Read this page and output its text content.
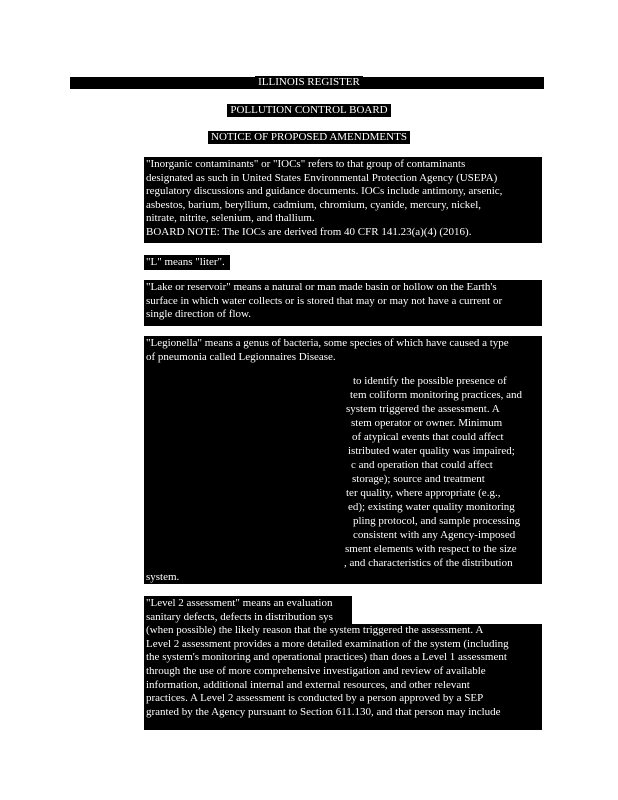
ILLINOIS REGISTER
POLLUTION CONTROL BOARD
NOTICE OF PROPOSED AMENDMENTS

"Inorganic contaminants" or "IOCs" refers to that group of contaminants

designated as such in United States Environmental Protection Agency (USEPA)

regulatory discussions and guidance documents. IOCs include antimony, arsenic,

asbestos, barium, beryllium, cadmium, chromium, cyanide, mercury, nickel,

nitrate, nitrite, selenium, and thallium.

BOARD NOTE: The IOCs are derived from 40 CFR 141.23(a)(4) (2016).

"L" means "liter".

"Lake or reservoir" means a natural or man made basin or hollow on the Earth's

surface in which water collects or is stored that may or may not have a current or

single direction of flow.

"Legionella" means a genus of bacteria, some species of which have caused a type

of pneumonia called Legionnaires Disease.

to identify the possible presence of
tem coliform monitoring practices, and
system triggered the assessment. A
stem operator or owner. Minimum
of atypical events that could affect
istributed water quality was impaired;
c and operation that could affect
storage); source and treatment
ter quality, where appropriate (e.g.,
ed); existing water quality monitoring
pling protocol, and sample processing
consistent with any Agency-imposed
sment elements with respect to the size
, and characteristics of the distribution
system.

"Level 2 assessment" means an evaluation

sanitary defects, defects in distribution sys

(when possible) the likely reason that the system triggered the assessment. A

Level 2 assessment provides a more detailed examination of the system (including

the system's monitoring and operational practices) than does a Level 1 assessment

through the use of more comprehensive investigation and review of available

information, additional internal and external resources, and other relevant

practices. A Level 2 assessment is conducted by a person approved by a SEP

granted by the Agency pursuant to Section 611.130, and that person may include
